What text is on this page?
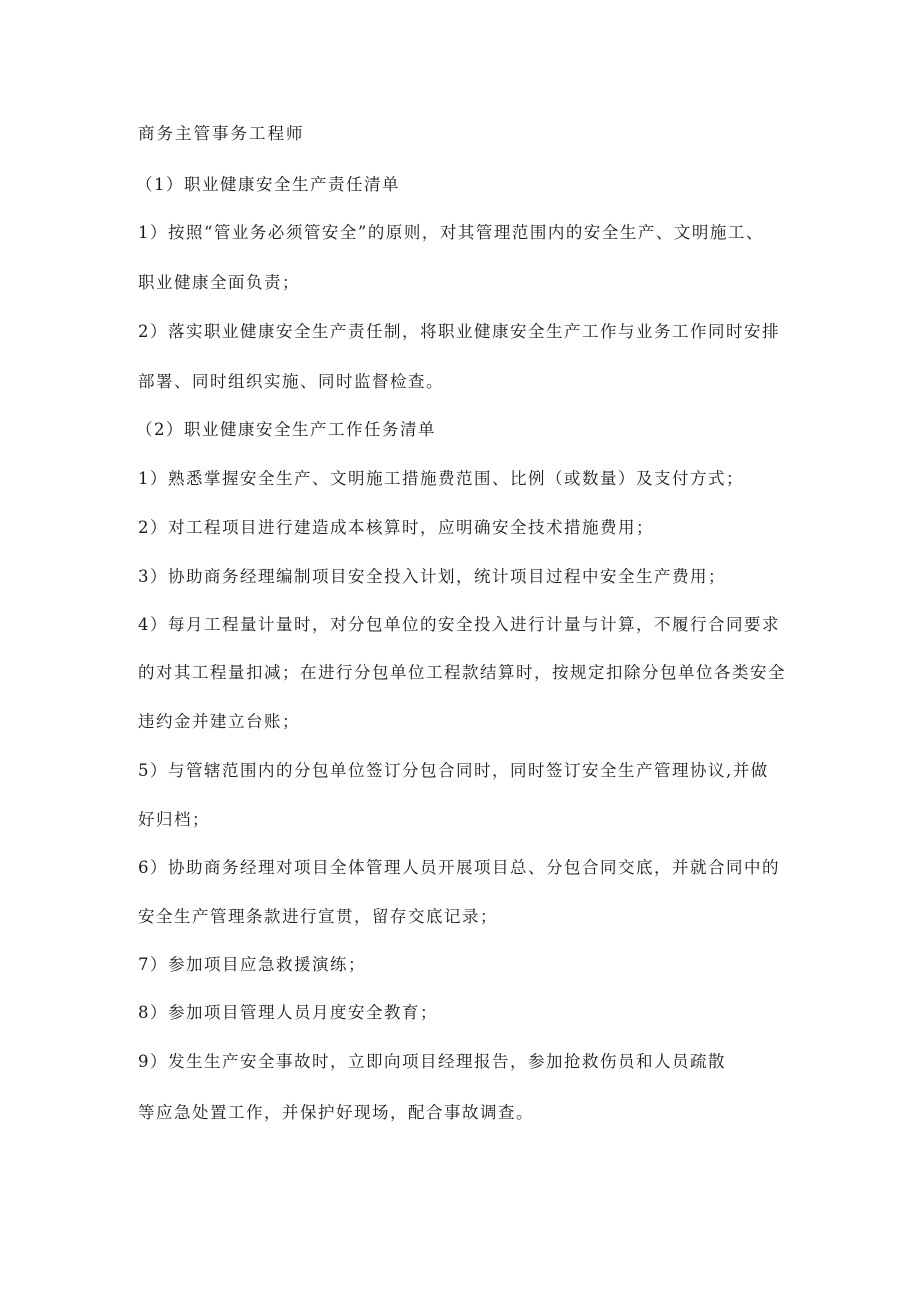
商务主管事务工程师
（1）职业健康安全生产责任清单
1）按照“管业务必须管安全”的原则，对其管理范围内的安全生产、文明施工、
职业健康全面负责；
2）落实职业健康安全生产责任制，将职业健康安全生产工作与业务工作同时安排
部署、同时组织实施、同时监督检查。
（2）职业健康安全生产工作任务清单
1）熟悉掌握安全生产、文明施工措施费范围、比例（或数量）及支付方式；
2）对工程项目进行建造成本核算时，应明确安全技术措施费用；
3）协助商务经理编制项目安全投入计划，统计项目过程中安全生产费用；
4）每月工程量计量时，对分包单位的安全投入进行计量与计算，不履行合同要求
的对其工程量扣减；在进行分包单位工程款结算时，按规定扣除分包单位各类安全
违约金并建立台账；
5）与管辖范围内的分包单位签订分包合同时，同时签订安全生产管理协议,并做
好归档；
6）协助商务经理对项目全体管理人员开展项目总、分包合同交底，并就合同中的
安全生产管理条款进行宣贯，留存交底记录；
7）参加项目应急救援演练；
8）参加项目管理人员月度安全教育；
9）发生生产安全事故时，立即向项目经理报告，参加抢救伤员和人员疏散
等应急处置工作，并保护好现场，配合事故调查。
